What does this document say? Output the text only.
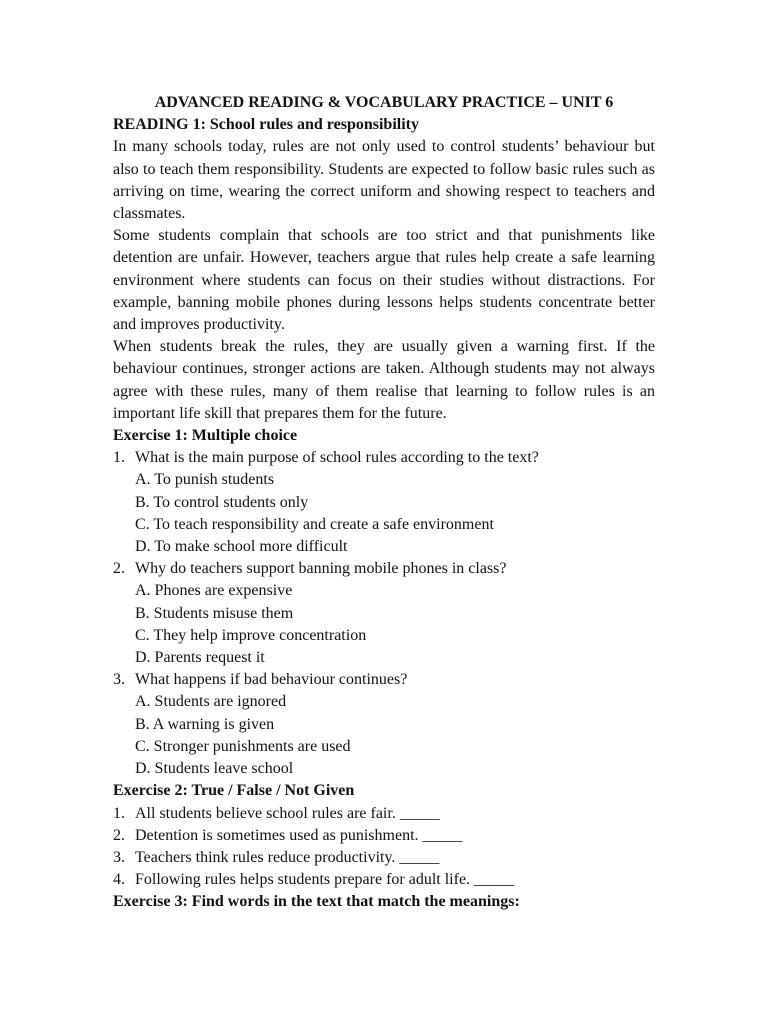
ADVANCED READING & VOCABULARY PRACTICE – UNIT 6

READING 1: School rules and responsibility

In many schools today, rules are not only used to control students’ behaviour but also to teach them responsibility. Students are expected to follow basic rules such as arriving on time, wearing the correct uniform and showing respect to teachers and classmates.

Some students complain that schools are too strict and that punishments like detention are unfair. However, teachers argue that rules help create a safe learning environment where students can focus on their studies without distractions. For example, banning mobile phones during lessons helps students concentrate better and improves productivity.

When students break the rules, they are usually given a warning first. If the behaviour continues, stronger actions are taken. Although students may not always agree with these rules, many of them realise that learning to follow rules is an important life skill that prepares them for the future.

Exercise 1: Multiple choice

1. What is the main purpose of school rules according to the text?
A. To punish students
B. To control students only
C. To teach responsibility and create a safe environment
D. To make school more difficult
2. Why do teachers support banning mobile phones in class?
A. Phones are expensive
B. Students misuse them
C. They help improve concentration
D. Parents request it
3. What happens if bad behaviour continues?
A. Students are ignored
B. A warning is given
C. Stronger punishments are used
D. Students leave school

Exercise 2: True / False / Not Given

1. All students believe school rules are fair. _____
2. Detention is sometimes used as punishment. _____
3. Teachers think rules reduce productivity. _____
4. Following rules helps students prepare for adult life. _____

Exercise 3: Find words in the text that match the meanings:
